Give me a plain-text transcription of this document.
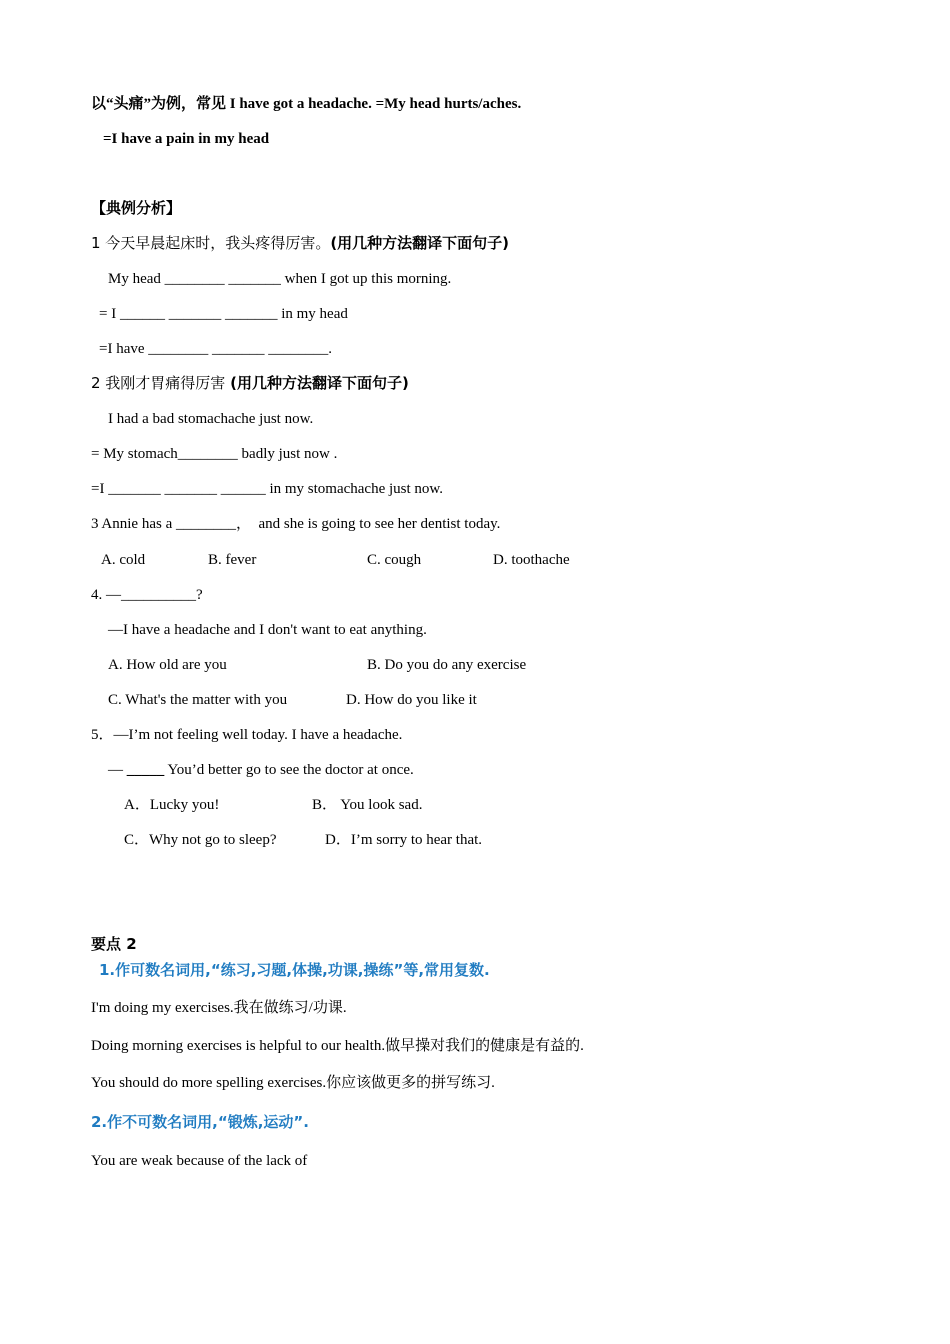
以“头痛”为例，常见 I have got a headache. =My head hurts/aches.
=I have a pain in my head
【典例分析】
1 今天早晨起床时，我头疼得厉害。(用几种方法翻译下面句子)
My head ________ _______ when I got up this morning.
= I ______ _______ _______ in my head
=I have ________ _______ ________.
2 我刚才胃痛得厉害 (用几种方法翻译下面句子)
I had a bad stomachache just now.
= My stomach________ badly just now .
=I _______ _______ ______ in my stomachache just now.
3 Annie has a ________，  and she is going to see her dentist today.
A. cold	B. fever	C. cough	D. toothache
4. —__________?
—I have a headache and I don't want to eat anything.
A. How old are you	B. Do you do any exercise
C. What's the matter with you	D. How do you like it
5．—I’m not feeling well today. I have a headache.
— _____ You’d better go to see the doctor at once.
A．Lucky you!	B． You look sad.
C．Why not go to sleep?	D．I’m sorry to hear that.
要点 2
1.作可数名词用,“练习,习题,体操,功课,操练”等,常用复数.
I'm doing my exercises.我在做练习/功课.
Doing morning exercises is helpful to our health.做早操对我们的健康是有益的.
You should do more spelling exercises.你应该做更多的拼写练习.
2.作不可数名词用,“锻炼,运动”.
You are weak because of the lack of
